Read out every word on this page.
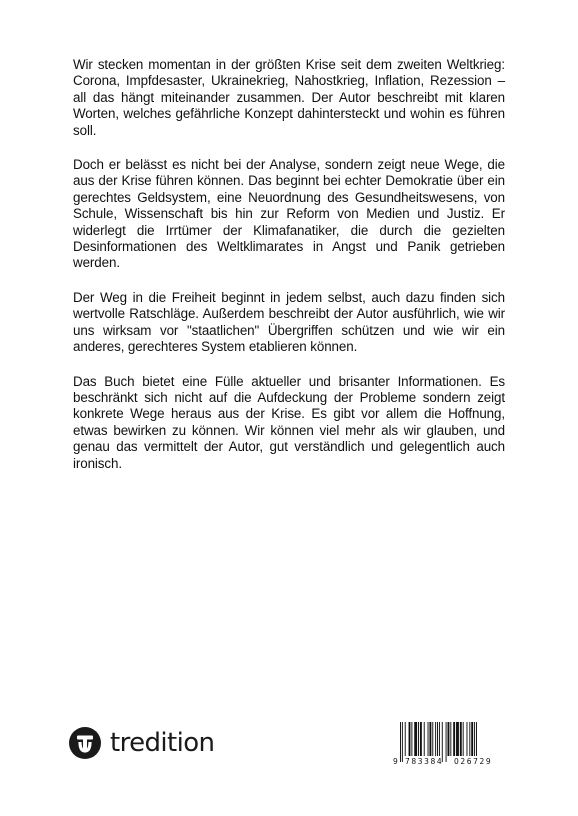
Wir stecken momentan in der größten Krise seit dem zweiten Weltkrieg: Corona, Impfdesaster, Ukrainekrieg, Nahostkrieg, Inflation, Rezession – all das hängt miteinander zusammen. Der Autor beschreibt mit klaren Worten, welches gefährliche Konzept dahintersteckt und wohin es führen soll.

Doch er belässt es nicht bei der Analyse, sondern zeigt neue Wege, die aus der Krise führen können. Das beginnt bei echter Demokratie über ein gerechtes Geldsystem, eine Neuordnung des Gesundheitswesens, von Schule, Wissenschaft bis hin zur Reform von Medien und Justiz. Er widerlegt die Irrtümer der Klimafanatiker, die durch die gezielten Desinformationen des Weltklimarates in Angst und Panik getrieben werden.

Der Weg in die Freiheit beginnt in jedem selbst, auch dazu finden sich wertvolle Ratschläge. Außerdem beschreibt der Autor ausführlich, wie wir uns wirksam vor "staatlichen" Übergriffen schützen und wie wir ein anderes, gerechteres System etablieren können.

Das Buch bietet eine Fülle aktueller und brisanter Informationen. Es beschränkt sich nicht auf die Aufdeckung der Probleme sondern zeigt konkrete Wege heraus aus der Krise. Es gibt vor allem die Hoffnung, etwas bewirken zu können. Wir können viel mehr als wir glauben, und genau das vermittelt der Autor, gut verständlich und gelegentlich auch ironisch.

tredition
9 783384 026729
